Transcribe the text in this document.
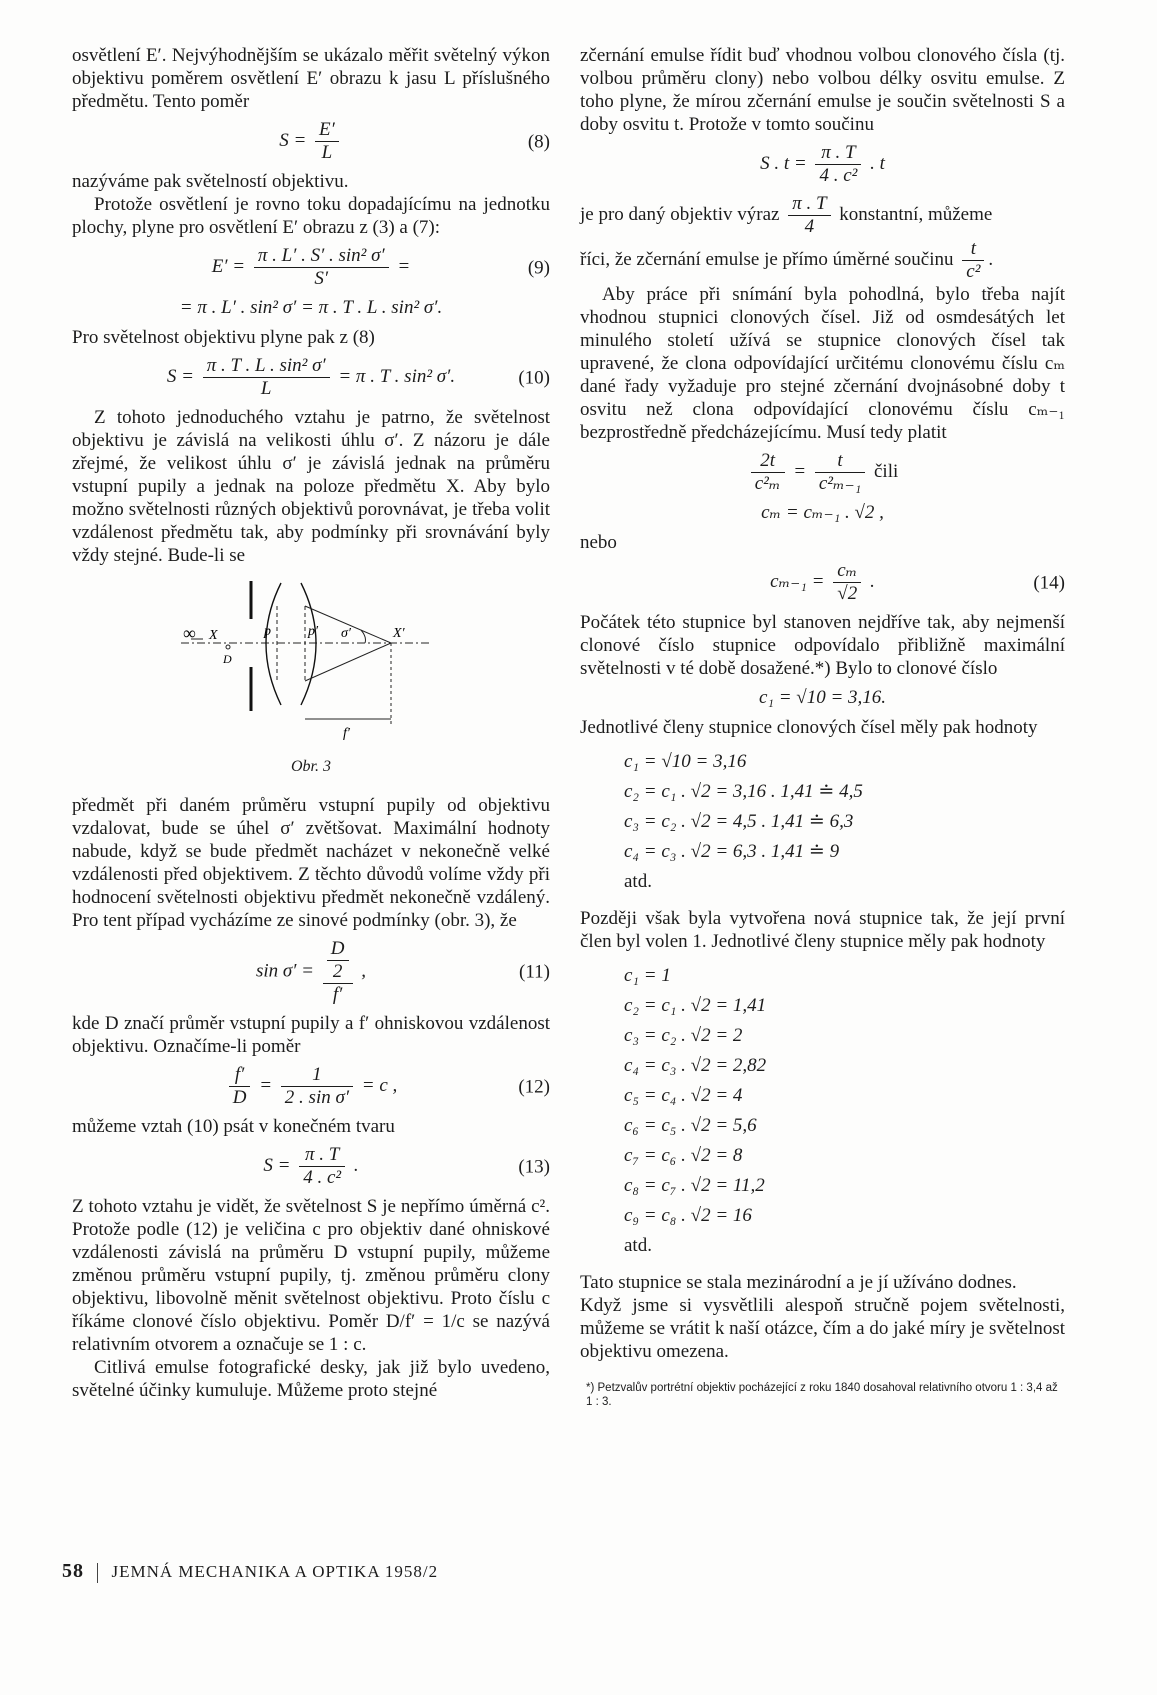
osvětlení E′. Nejvýhodnějším se ukázalo měřit světelný výkon objektivu poměrem osvětlení E′ obrazu k jasu L příslušného předmětu. Tento poměr

$S = \frac{E'}{L}$	(8)

nazýváme pak světelností objektivu.

Protože osvětlení je rovno toku dopadajícímu na jednotku plochy, plyne pro osvětlení E′ obrazu z (3) a (7):

$E' = \frac{\text{π . L′ . S′ . sin² σ′}}{S'}$ =	(9)
= π . L′ . sin² σ′ = π . T . L . sin² σ′.

Pro světelnost objektivu plyne pak z (8)

$S = \frac{\text{π . T . L . sin² σ′}}{L} = \pi$ . T . sin² σ′.	(10)

Z tohoto jednoduchého vztahu je patrno, že světelnost objektivu je závislá na velikosti úhlu σ′. Z názoru je dále zřejmé, že velikost úhlu σ′ je závislá jednak na průměru vstupní pupily a jednak na poloze předmětu X. Aby bylo možno světelnosti různých objektivů porovnávat, je třeba volit vzdálenost předmětu tak, aby podmínky při srovnávání byly vždy stejné. Bude-li se

∞ X
D
p	p′ σ′	X′
f′
Obr. 3

předmět při daném průměru vstupní pupily od objektivu vzdalovat, bude se úhel σ′ zvětšovat. Maximální hodnoty nabude, když se bude předmět nacházet v nekonečně velké vzdálenosti před objektivem. Z těchto důvodů volíme vždy při hodnocení světelnosti objektivu předmět nekonečně vzdálený. Pro tent případ vycházíme ze sinové podmínky (obr. 3), že

$\sin \sigma' = \frac{\frac{D}{2}}{f'}$ ,	(11)

kde D značí průměr vstupní pupily a f′ ohniskovou vzdálenost objektivu. Označíme-li poměr

$\frac{f'}{D} = \frac{1}{\text{2 . sin σ′}} = c$ ,	(12)

můžeme vztah (10) psát v konečném tvaru

$S = \frac{\pi . T}{\text{4 . c²}}$ .	(13)

Z tohoto vztahu je vidět, že světelnost S je nepřímo úměrná c². Protože podle (12) je veličina c pro objektiv dané ohniskové vzdálenosti závislá na průměru D vstupní pupily, můžeme změnou průměru vstupní pupily, tj. změnou průměru clony objektivu, libovolně měnit světelnost objektivu. Proto číslu c říkáme clonové číslo objektivu. Poměr D/f′ = 1/c se nazývá relativním otvorem a označuje se 1 : c.

Citlivá emulse fotografické desky, jak již bylo uvedeno, světelné účinky kumuluje. Můžeme proto stejné

zčernání emulse řídit buď vhodnou volbou clonového čísla (tj. volbou průměru clony) nebo volbou délky osvitu emulse. Z toho plyne, že mírou zčernání emulse je součin světelnosti S a doby osvitu t. Protože v tomto součinu

S . $t = \frac{\pi . T}{\text{4 . c²}}$ . t

je pro daný objektiv výraz $\frac{\pi . T}{4}$ konstantní, můžeme

říci, že zčernání emulse je přímo úměrné součinu $\frac{t}{\text{c²}}$ .

Aby práce při snímání byla pohodlná, bylo třeba najít vhodnou stupnici clonových čísel. Již od osmdesátých let minulého století užívá se stupnice clonových čísel tak upravené, že clona odpovídající určitému clonovému číslu cₘ dané řady vyžaduje pro stejné zčernání dvojnásobné doby t osvitu než clona odpovídající clonovému číslu cₘ₋₁ bezprostředně předcházejícímu. Musí tedy platit

$\frac{2t}{\text{c²ₘ}} = \frac{t}{\text{c²ₘ₋₁}}$ čili
cₘ = cₘ₋₁ . √2 ,

nebo

$c_{m-1} = \frac{\text{cₘ}}{√2}$ .	(14)

Počátek této stupnice byl stanoven nejdříve tak, aby nejmenší clonové číslo stupnice odpovídalo přibližně maximální světelnosti v té době dosažené.*) Bylo to clonové číslo

c₁ = √10 = 3,16.

Jednotlivé členy stupnice clonových čísel měly pak hodnoty

c₁ = √10 = 3,16
c₂ = c₁ . √2 = 3,16 . 1,41 ≐ 4,5
c₃ = c₂ . √2 = 4,5 . 1,41 ≐ 6,3
c₄ = c₃ . √2 = 6,3 . 1,41 ≐ 9
atd.

Později však byla vytvořena nová stupnice tak, že její první člen byl volen 1. Jednotlivé členy stupnice měly pak hodnoty

c₁ = 1
c₂ = c₁ . √2 = 1,41
c₃ = c₂ . √2 = 2
c₄ = c₃ . √2 = 2,82
c₅ = c₄ . √2 = 4
c₆ = c₅ . √2 = 5,6
c₇ = c₆ . √2 = 8
c₈ = c₇ . √2 = 11,2
c₉ = c₈ . √2 = 16
atd.

Tato stupnice se stala mezinárodní a je jí užíváno dodnes.

Když jsme si vysvětlili alespoň stručně pojem světelnosti, můžeme se vrátit k naší otázce, čím a do jaké míry je světelnost objektivu omezena.

*) Petzvalův portrétní objektiv pocházející z roku 1840 dosahoval relativního otvoru 1 : 3,4 až 1 : 3.
58 JEMNÁ MECHANIKA A OPTIKA 1958/2
